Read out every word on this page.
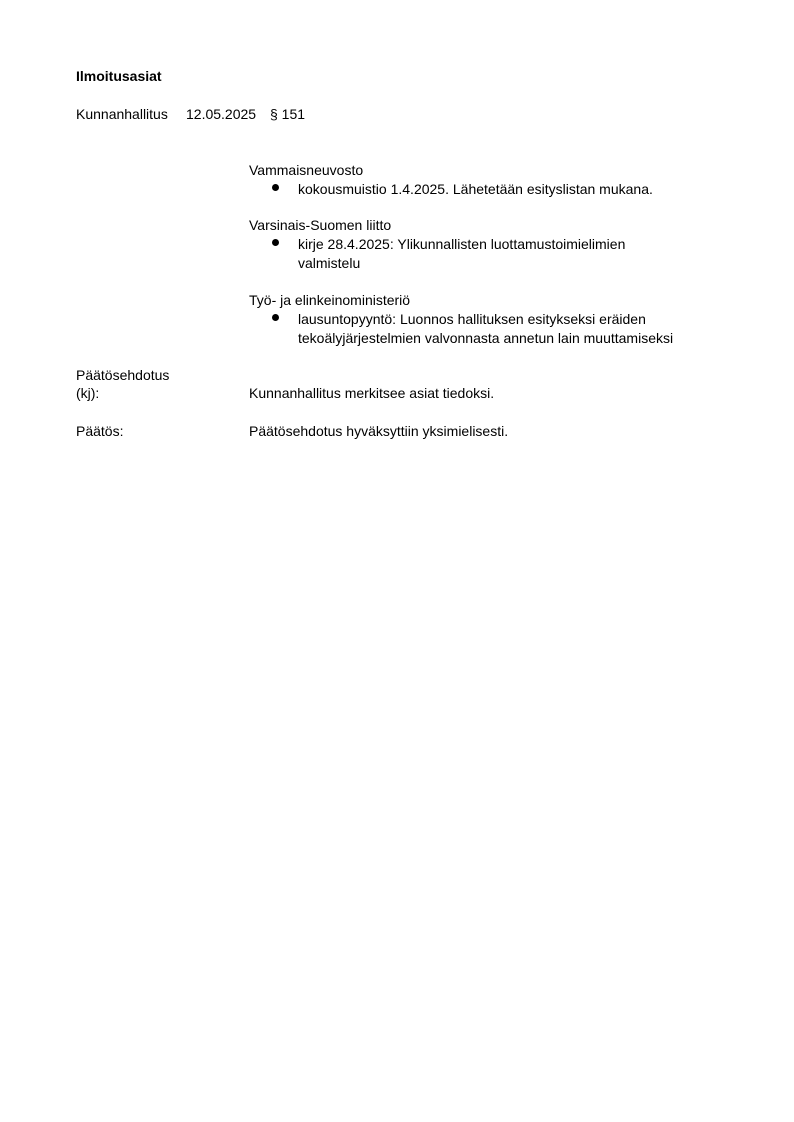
Ilmoitusasiat
Kunnanhallitus 12.05.2025 § 151
Vammaisneuvosto
kokousmuistio 1.4.2025. Lähetetään esityslistan mukana.
Varsinais-Suomen liitto
kirje 28.4.2025: Ylikunnallisten luottamustoimielimien
valmistelu
Työ- ja elinkeinoministeriö
lausuntopyyntö: Luonnos hallituksen esitykseksi eräiden
tekoälyjärjestelmien valvonnasta annetun lain muuttamiseksi
Päätösehdotus
(kj):	Kunnanhallitus merkitsee asiat tiedoksi.
Päätös:	Päätösehdotus hyväksyttiin yksimielisesti.
